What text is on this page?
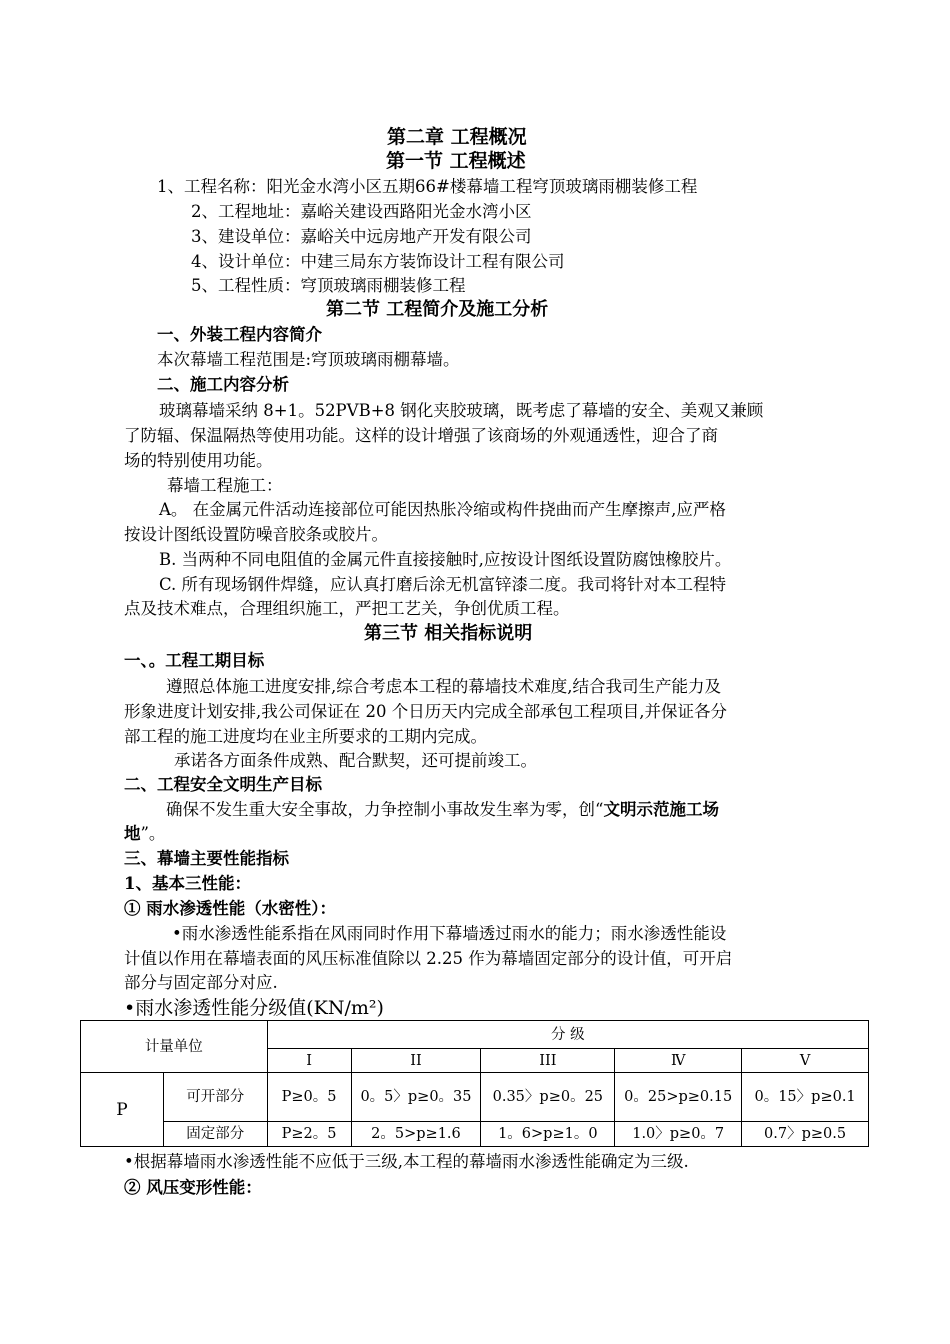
第二章 工程概况
第一节 工程概述
1、工程名称：阳光金水湾小区五期66#楼幕墙工程穹顶玻璃雨棚装修工程
2、工程地址：嘉峪关建设西路阳光金水湾小区
3、建设单位：嘉峪关中远房地产开发有限公司
4、设计单位：中建三局东方装饰设计工程有限公司
5、工程性质：穹顶玻璃雨棚装修工程
第二节 工程简介及施工分析
一、外装工程内容简介
本次幕墙工程范围是:穹顶玻璃雨棚幕墙。
二、施工内容分析
玻璃幕墙采纳 8+1。52PVB+8 钢化夹胶玻璃，既考虑了幕墙的安全、美观又兼顾
了防辐、保温隔热等使用功能。这样的设计增强了该商场的外观通透性，迎合了商
场的特别使用功能。
幕墙工程施工：
A。 在金属元件活动连接部位可能因热胀冷缩或构件挠曲而产生摩擦声,应严格
按设计图纸设置防噪音胶条或胶片。
B. 当两种不同电阻值的金属元件直接接触时,应按设计图纸设置防腐蚀橡胶片。
C. 所有现场钢件焊缝，应认真打磨后涂无机富锌漆二度。我司将针对本工程特
点及技术难点，合理组织施工，严把工艺关，争创优质工程。
第三节 相关指标说明
一、。工程工期目标
遵照总体施工进度安排,综合考虑本工程的幕墙技术难度,结合我司生产能力及
形象进度计划安排,我公司保证在 20 个日历天内完成全部承包工程项目,并保证各分
部工程的施工进度均在业主所要求的工期内完成。
承诺各方面条件成熟、配合默契，还可提前竣工。
二、工程安全文明生产目标
确保不发生重大安全事故，力争控制小事故发生率为零，创“文明示范施工场
地”。
三、幕墙主要性能指标
1、基本三性能：
① 雨水渗透性能（水密性）：
•雨水渗透性能系指在风雨同时作用下幕墙透过雨水的能力；雨水渗透性能设
计值以作用在幕墙表面的风压标准值除以 2.25 作为幕墙固定部分的设计值，可开启
部分与固定部分对应.
•雨水渗透性能分级值(KN/m²)
计量单位		分 级				
		I	II	III	Ⅳ	V
P	可开部分	P≥0。5	0。5〉p≥0。35	0.35〉p≥0。25	0。25>p≥0.15	0。15〉p≥0.1
	固定部分	P≥2。5	2。5>p≥1.6	1。6>p≥1。0	1.0〉p≥0。7	0.7〉p≥0.5
•根据幕墙雨水渗透性能不应低于三级,本工程的幕墙雨水渗透性能确定为三级.
② 风压变形性能：
